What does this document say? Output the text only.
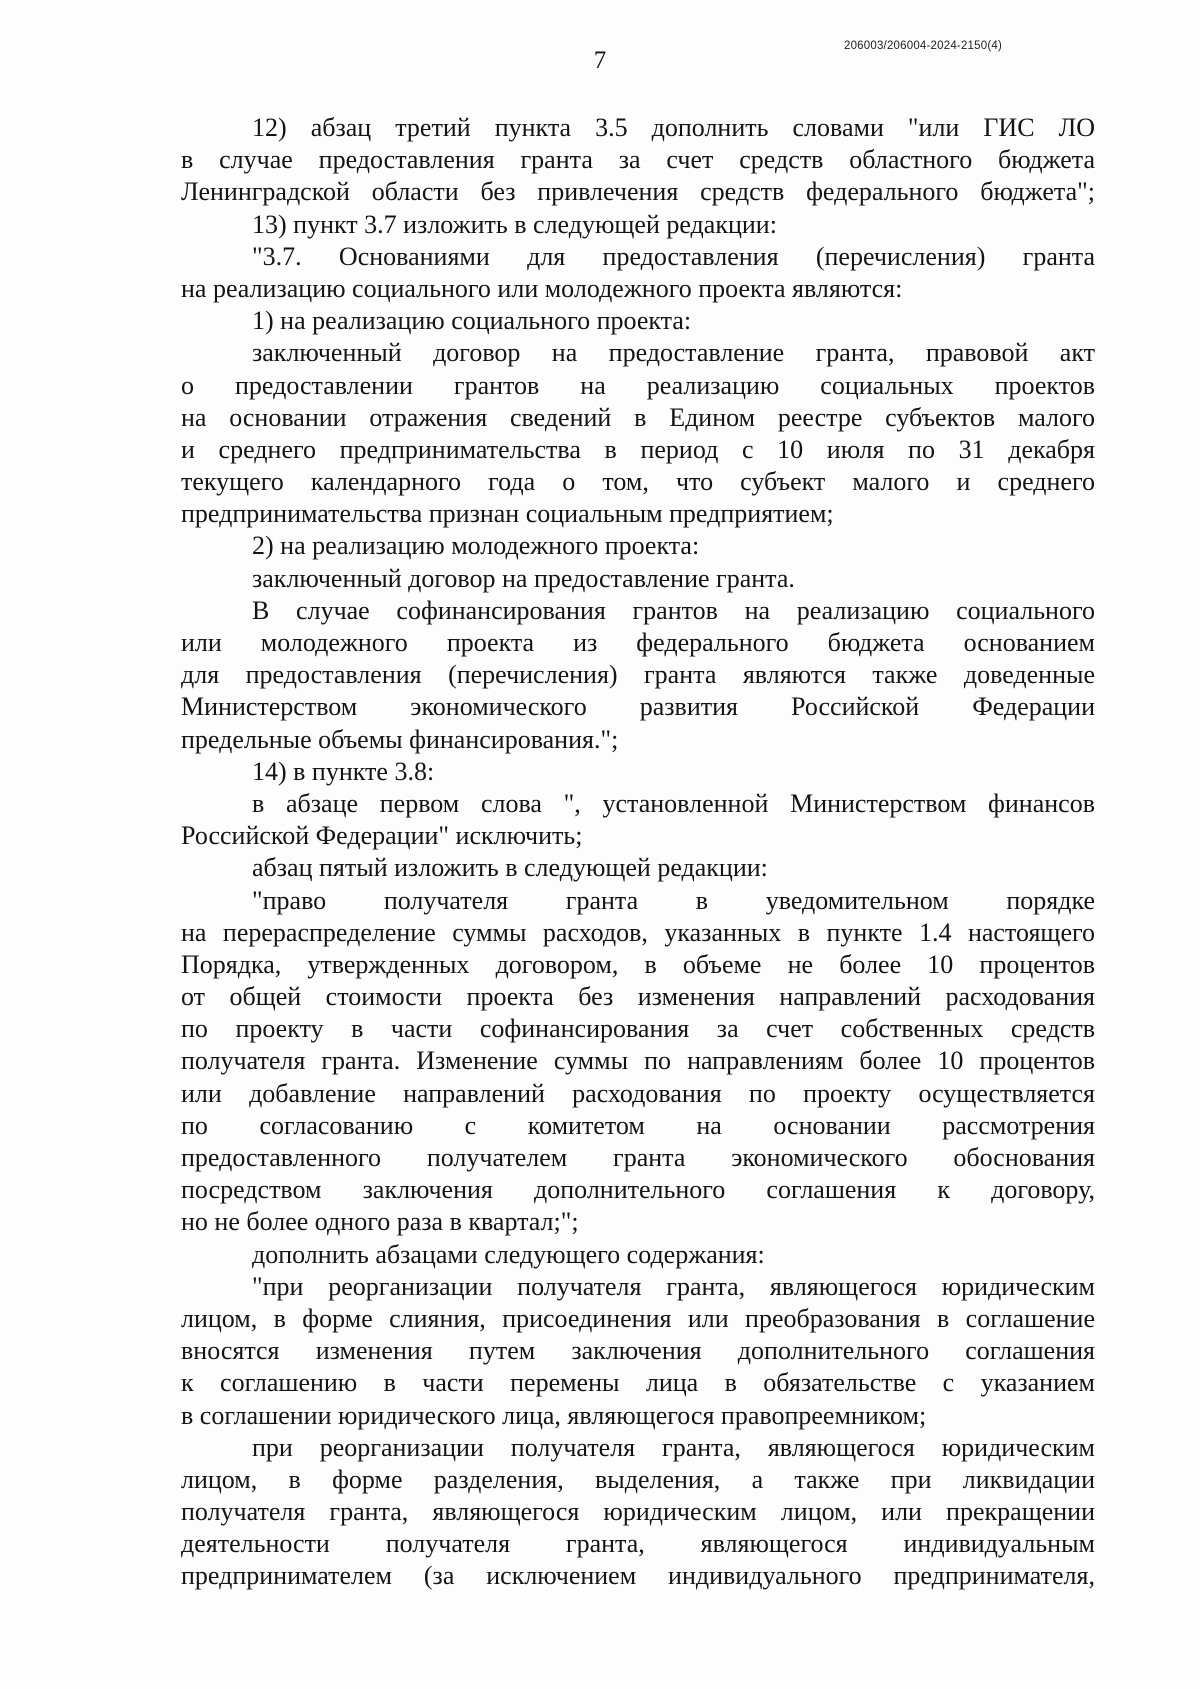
206003/206004-2024-2150(4)
7
12) абзац третий пункта 3.5 дополнить словами "или ГИС ЛО
в случае предоставления гранта за счет средств областного бюджета
Ленинградской области без привлечения средств федерального бюджета";
13) пункт 3.7 изложить в следующей редакции:
"3.7. Основаниями для предоставления (перечисления) гранта
на реализацию социального или молодежного проекта являются:
1) на реализацию социального проекта:
заключенный договор на предоставление гранта, правовой акт
о предоставлении грантов на реализацию социальных проектов
на основании отражения сведений в Едином реестре субъектов малого
и среднего предпринимательства в период с 10 июля по 31 декабря
текущего календарного года о том, что субъект малого и среднего
предпринимательства признан социальным предприятием;
2) на реализацию молодежного проекта:
заключенный договор на предоставление гранта.
В случае софинансирования грантов на реализацию социального
или молодежного проекта из федерального бюджета основанием
для предоставления (перечисления) гранта являются также доведенные
Министерством экономического развития Российской Федерации
предельные объемы финансирования.";
14) в пункте 3.8:
в абзаце первом слова ", установленной Министерством финансов
Российской Федерации" исключить;
абзац пятый изложить в следующей редакции:
"право получателя гранта в уведомительном порядке
на перераспределение суммы расходов, указанных в пункте 1.4 настоящего
Порядка, утвержденных договором, в объеме не более 10 процентов
от общей стоимости проекта без изменения направлений расходования
по проекту в части софинансирования за счет собственных средств
получателя гранта. Изменение суммы по направлениям более 10 процентов
или добавление направлений расходования по проекту осуществляется
по согласованию с комитетом на основании рассмотрения
предоставленного получателем гранта экономического обоснования
посредством заключения дополнительного соглашения к договору,
но не более одного раза в квартал;";
дополнить абзацами следующего содержания:
"при реорганизации получателя гранта, являющегося юридическим
лицом, в форме слияния, присоединения или преобразования в соглашение
вносятся изменения путем заключения дополнительного соглашения
к соглашению в части перемены лица в обязательстве с указанием
в соглашении юридического лица, являющегося правопреемником;
при реорганизации получателя гранта, являющегося юридическим
лицом, в форме разделения, выделения, а также при ликвидации
получателя гранта, являющегося юридическим лицом, или прекращении
деятельности получателя гранта, являющегося индивидуальным
предпринимателем (за исключением индивидуального предпринимателя,
